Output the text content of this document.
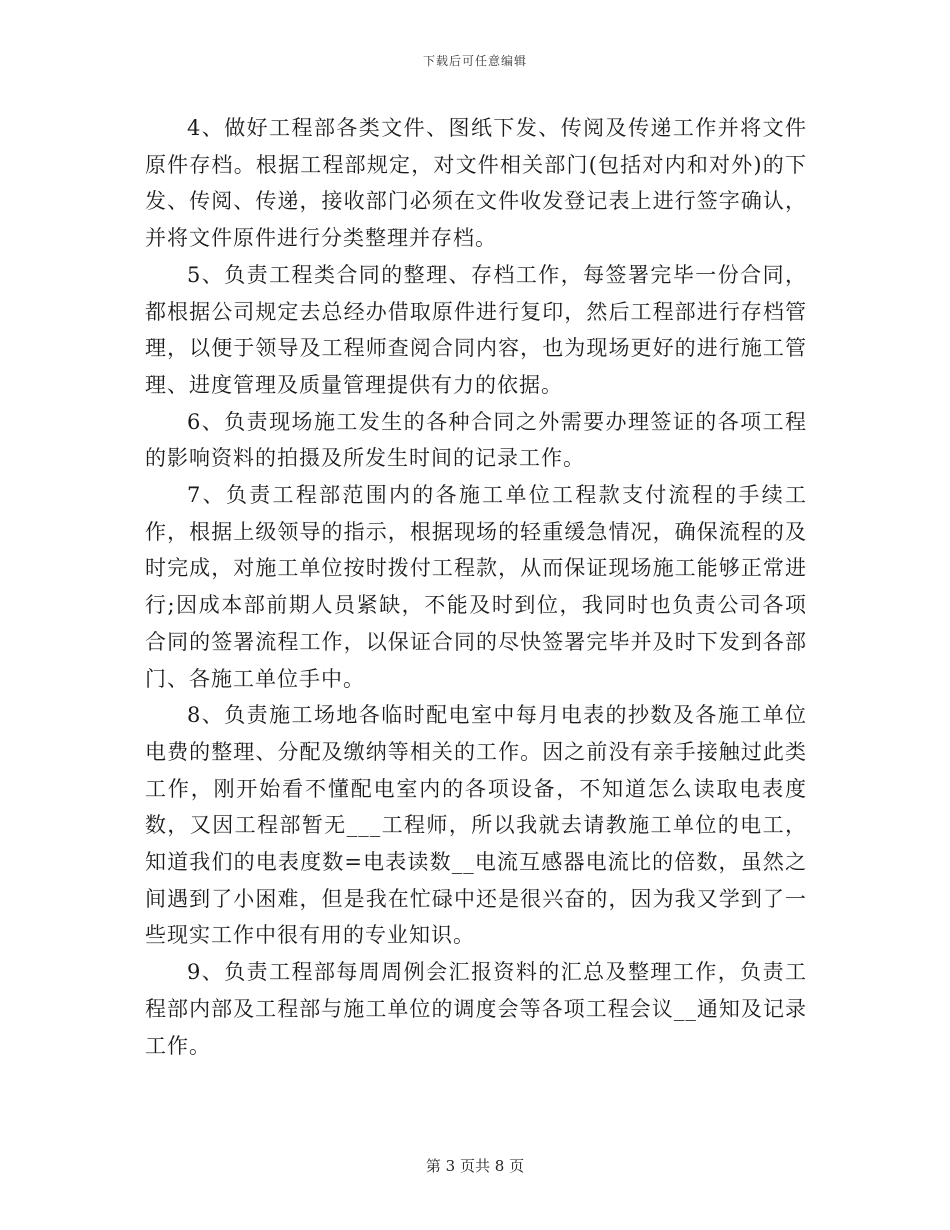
下载后可任意编辑

4、做好工程部各类文件、图纸下发、传阅及传递工作并将文件原件存档。根据工程部规定，对文件相关部门(包括对内和对外)的下发、传阅、传递，接收部门必须在文件收发登记表上进行签字确认，并将文件原件进行分类整理并存档。

5、负责工程类合同的整理、存档工作，每签署完毕一份合同，都根据公司规定去总经办借取原件进行复印，然后工程部进行存档管理，以便于领导及工程师查阅合同内容，也为现场更好的进行施工管理、进度管理及质量管理提供有力的依据。

6、负责现场施工发生的各种合同之外需要办理签证的各项工程的影响资料的拍摄及所发生时间的记录工作。

7、负责工程部范围内的各施工单位工程款支付流程的手续工作，根据上级领导的指示，根据现场的轻重缓急情况，确保流程的及时完成，对施工单位按时拨付工程款，从而保证现场施工能够正常进行;因成本部前期人员紧缺，不能及时到位，我同时也负责公司各项合同的签署流程工作，以保证合同的尽快签署完毕并及时下发到各部门、各施工单位手中。

8、负责施工场地各临时配电室中每月电表的抄数及各施工单位电费的整理、分配及缴纳等相关的工作。因之前没有亲手接触过此类工作，刚开始看不懂配电室内的各项设备，不知道怎么读取电表度数，又因工程部暂无___工程师，所以我就去请教施工单位的电工，知道我们的电表度数=电表读数__电流互感器电流比的倍数，虽然之间遇到了小困难，但是我在忙碌中还是很兴奋的，因为我又学到了一些现实工作中很有用的专业知识。

9、负责工程部每周周例会汇报资料的汇总及整理工作，负责工程部内部及工程部与施工单位的调度会等各项工程会议__通知及记录工作。

第 3 页共 8 页
